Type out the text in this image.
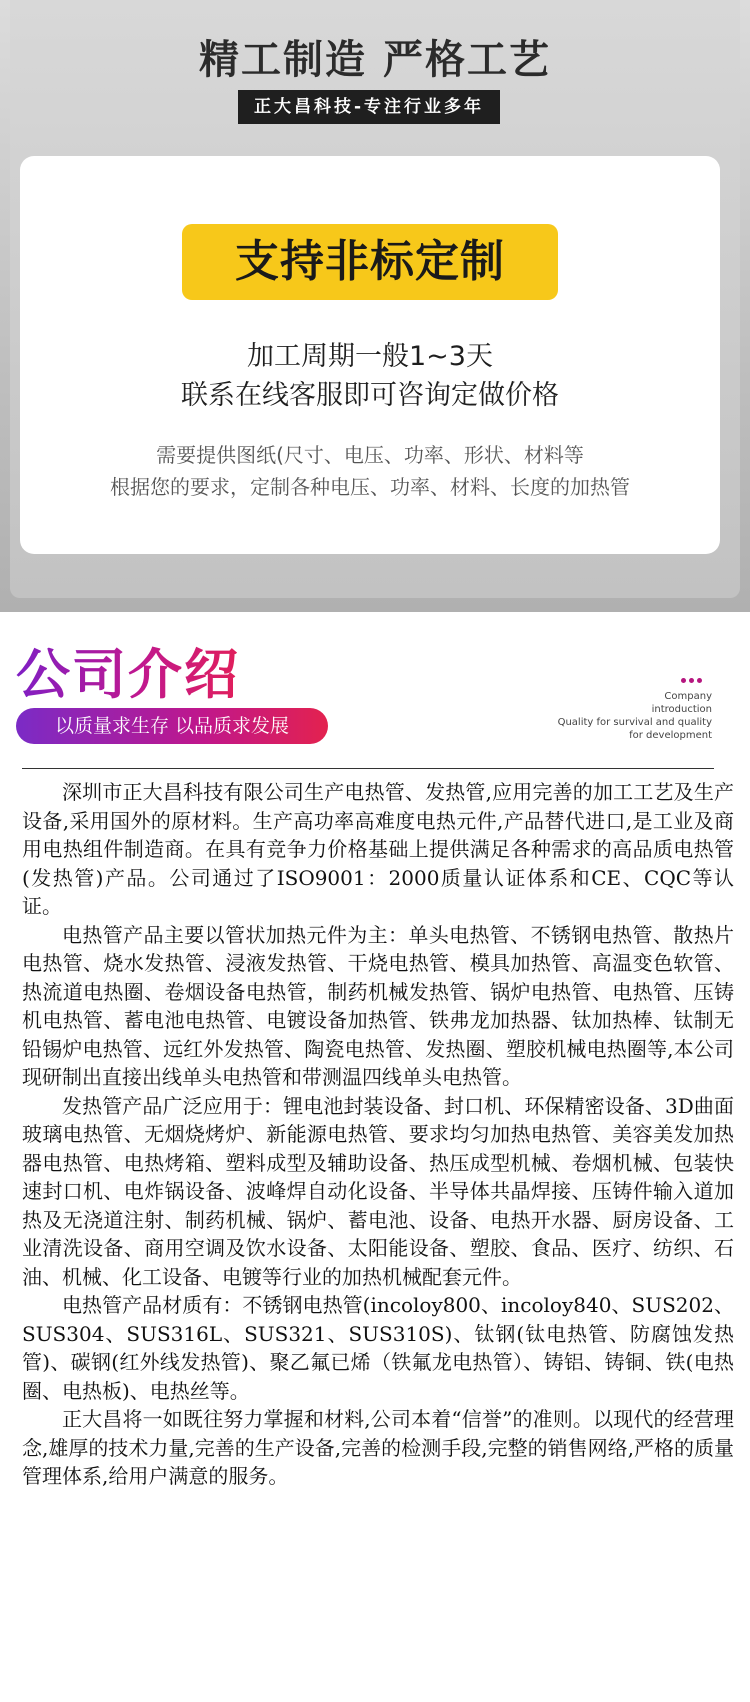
精工制造 严格工艺
正大昌科技-专注行业多年
支持非标定制
加工周期一般1~3天
联系在线客服即可咨询定做价格
需要提供图纸(尺寸、电压、功率、形状、材料等
根据您的要求，定制各种电压、功率、材料、长度的加热管
公司介绍
以质量求生存 以品质求发展
Company
introduction
Quality for survival and quality
for development

深圳市正大昌科技有限公司生产电热管、发热管,应用完善的加工工艺及生产设备,采用国外的原材料。生产高功率高难度电热元件,产品替代进口,是工业及商用电热组件制造商。在具有竞争力价格基础上提供满足各种需求的高品质电热管(发热管)产品。公司通过了ISO9001：2000质量认证体系和CE、CQC等认证。

电热管产品主要以管状加热元件为主：单头电热管、不锈钢电热管、散热片电热管、烧水发热管、浸液发热管、干烧电热管、模具加热管、高温变色软管、热流道电热圈、卷烟设备电热管，制药机械发热管、锅炉电热管、电热管、压铸机电热管、蓄电池电热管、电镀设备加热管、铁弗龙加热器、钛加热棒、钛制无铅锡炉电热管、远红外发热管、陶瓷电热管、发热圈、塑胶机械电热圈等,本公司现研制出直接出线单头电热管和带测温四线单头电热管。

发热管产品广泛应用于：锂电池封装设备、封口机、环保精密设备、3D曲面玻璃电热管、无烟烧烤炉、新能源电热管、要求均匀加热电热管、美容美发加热器电热管、电热烤箱、塑料成型及辅助设备、热压成型机械、卷烟机械、包装快速封口机、电炸锅设备、波峰焊自动化设备、半导体共晶焊接、压铸件输入道加热及无浇道注射、制药机械、锅炉、蓄电池、设备、电热开水器、厨房设备、工业清洗设备、商用空调及饮水设备、太阳能设备、塑胶、食品、医疗、纺织、石油、机械、化工设备、电镀等行业的加热机械配套元件。

电热管产品材质有：不锈钢电热管(incoloy800、incoloy840、SUS202、SUS304、SUS316L、SUS321、SUS310S)、钛钢(钛电热管、防腐蚀发热管)、碳钢(红外线发热管)、聚乙氟已烯（铁氟龙电热管）、铸铝、铸铜、铁(电热圈、电热板)、电热丝等。

正大昌将一如既往努力掌握和材料,公司本着“信誉”的准则。以现代的经营理念,雄厚的技术力量,完善的生产设备,完善的检测手段,完整的销售网络,严格的质量管理体系,给用户满意的服务。
